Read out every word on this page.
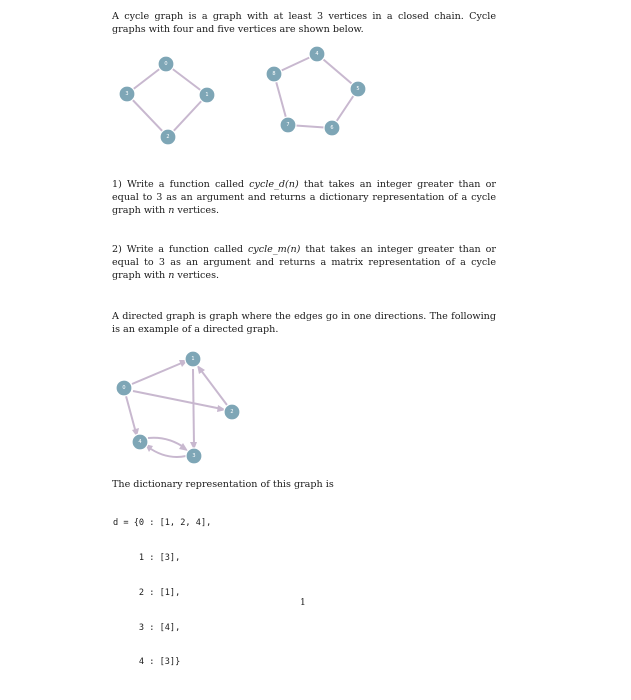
A cycle graph is a graph with at least 3 vertices in a closed chain. Cycle graphs with four and five vertices are shown below.

0
1
2
3
4
5
6
7
8

1) Write a function called cycle_d(n) that takes an integer greater than or equal to 3 as an argument and returns a dictionary representation of a cycle graph with n vertices.

2) Write a function called cycle_m(n) that takes an integer greater than or equal to 3 as an argument and returns a matrix representation of a cycle graph with n vertices.

A directed graph is graph where the edges go in one directions. The following is an example of a directed graph.

0
1
2
3
4

The dictionary representation of this graph is

d = {0 : [1, 2, 4],

1 : [3],

2 : [1],

3 : [4],

4 : [3]}

1
